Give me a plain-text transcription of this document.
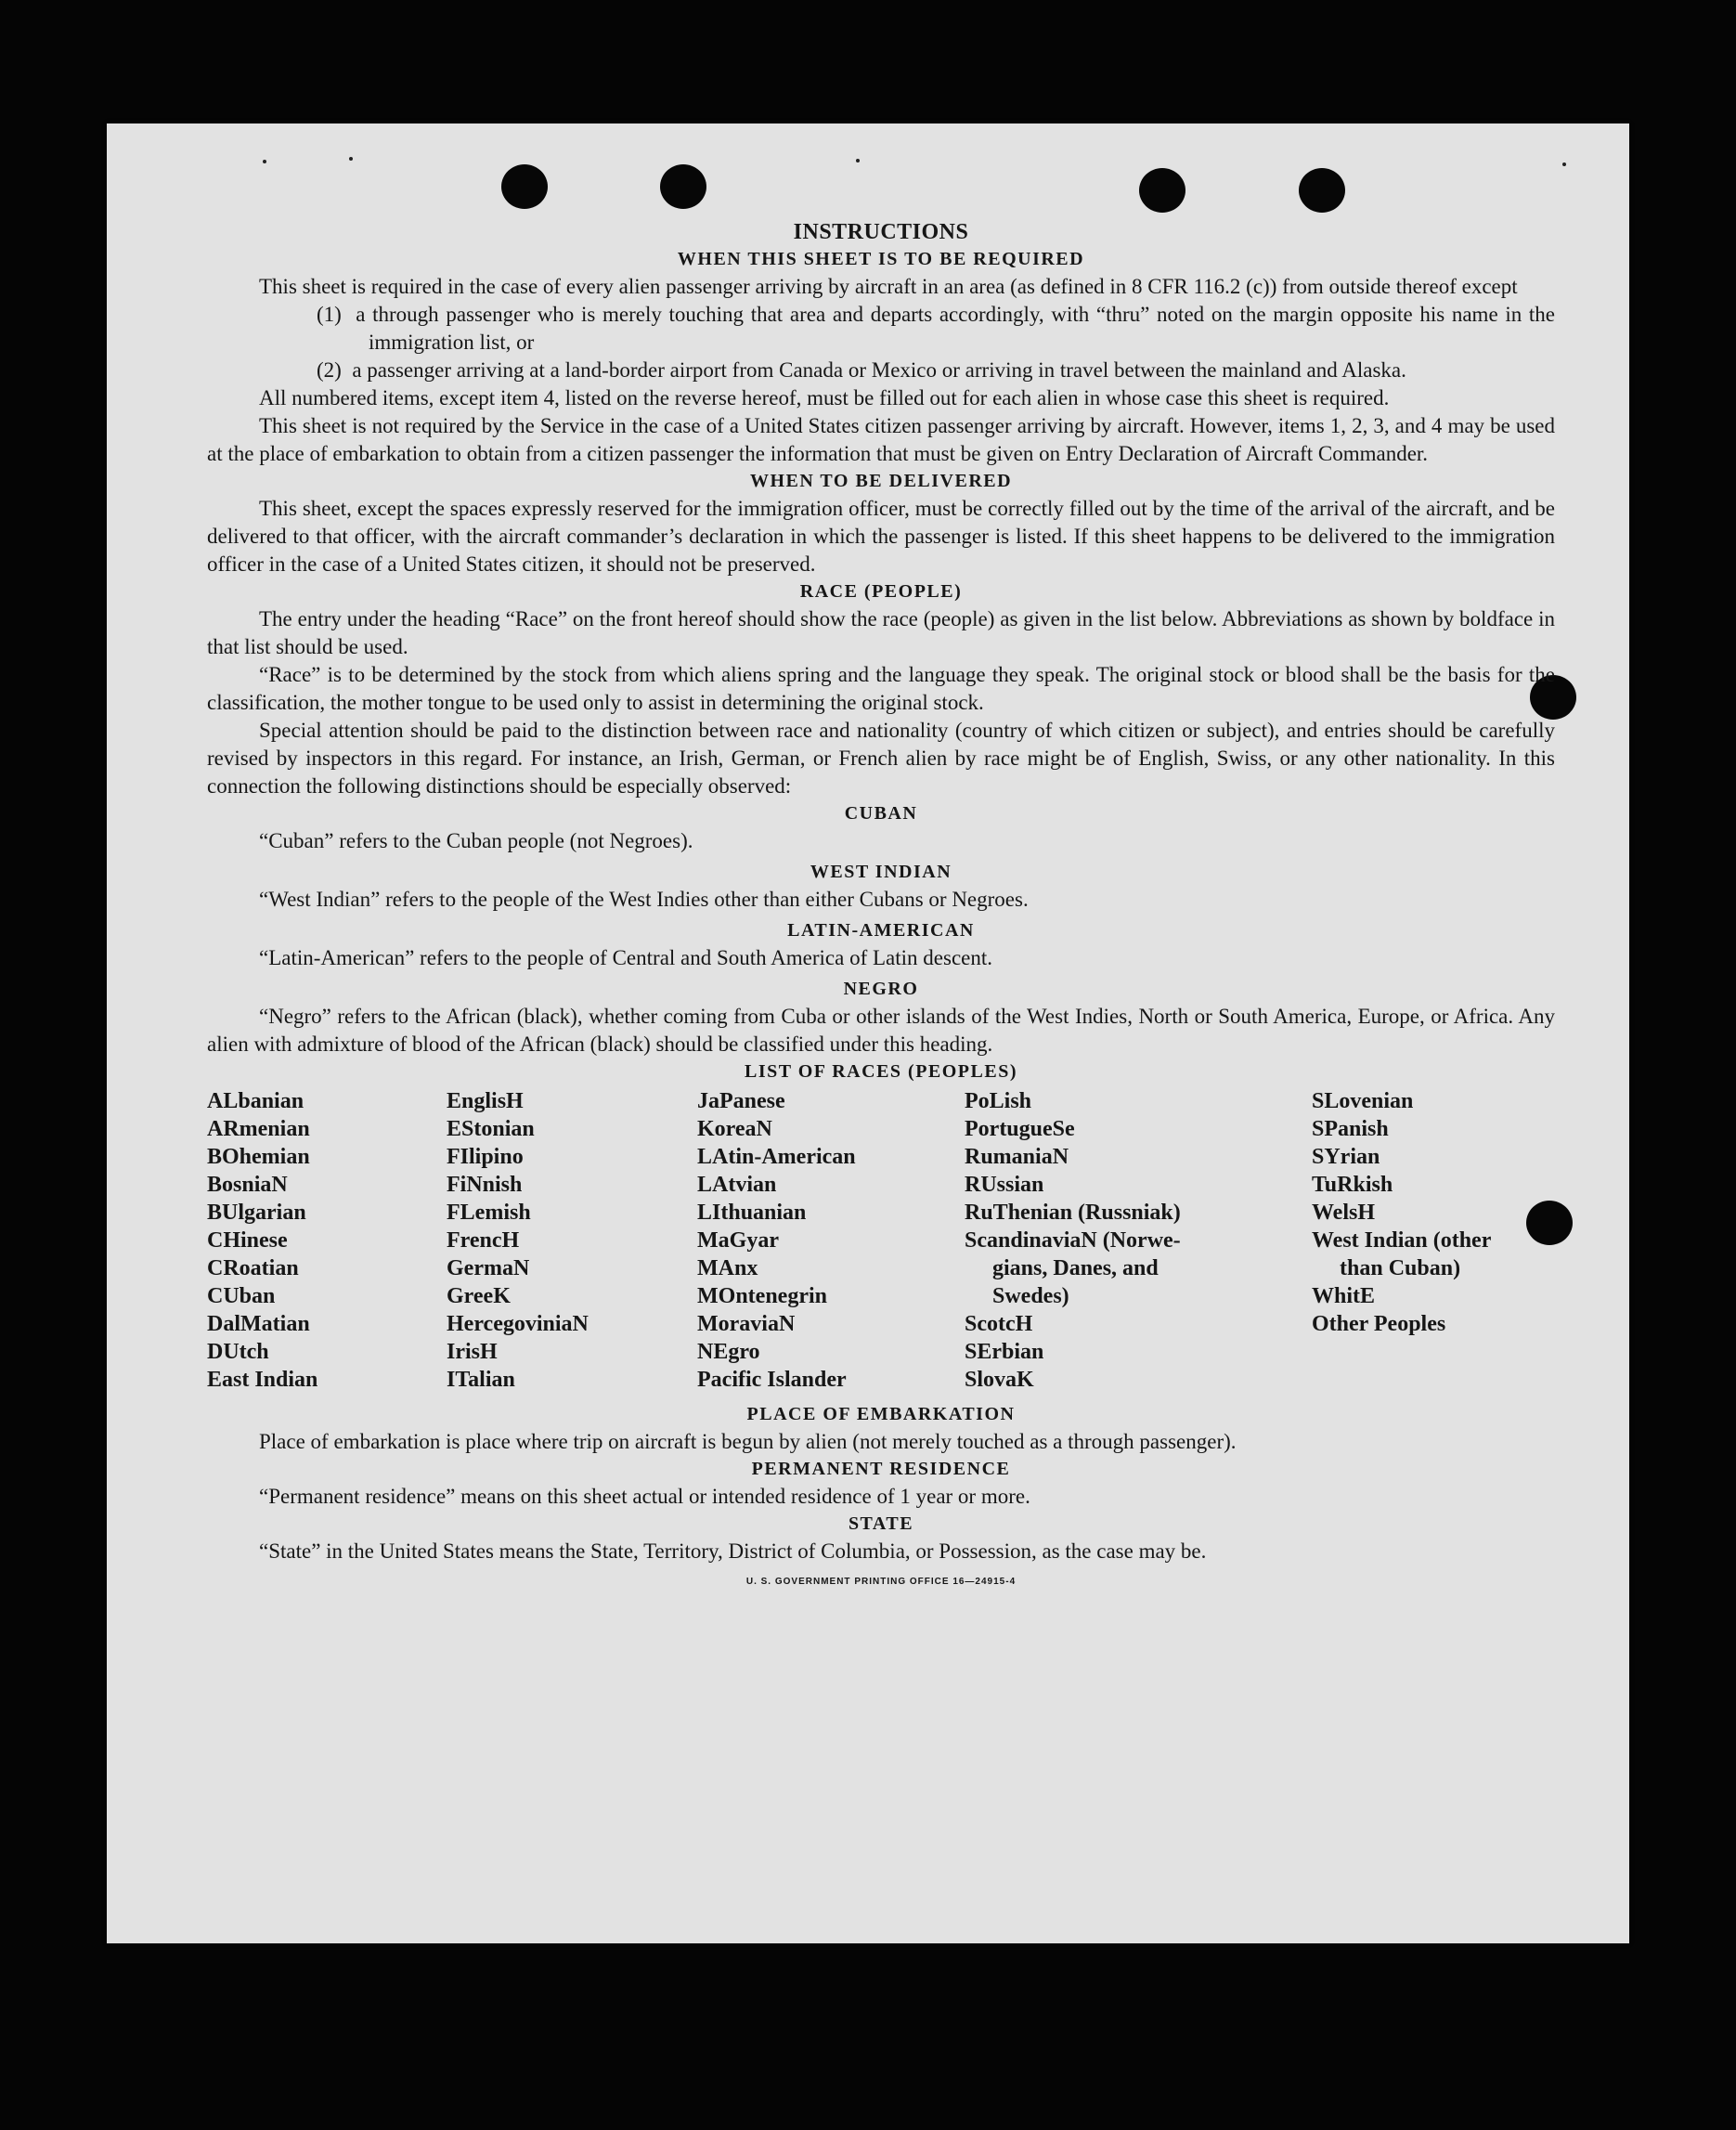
INSTRUCTIONS

WHEN THIS SHEET IS TO BE REQUIRED

This sheet is required in the case of every alien passenger arriving by aircraft in an area (as defined in 8 CFR 116.2 (c)) from outside thereof except

(1) a through passenger who is merely touching that area and departs accordingly, with “thru” noted on the margin opposite his name in the immigration list, or

(2) a passenger arriving at a land-border airport from Canada or Mexico or arriving in travel between the mainland and Alaska.

All numbered items, except item 4, listed on the reverse hereof, must be filled out for each alien in whose case this sheet is required.

This sheet is not required by the Service in the case of a United States citizen passenger arriving by aircraft. However, items 1, 2, 3, and 4 may be used at the place of embarkation to obtain from a citizen passenger the information that must be given on Entry Declaration of Aircraft Commander.

WHEN TO BE DELIVERED

This sheet, except the spaces expressly reserved for the immigration officer, must be correctly filled out by the time of the arrival of the aircraft, and be delivered to that officer, with the aircraft commander’s declaration in which the passenger is listed. If this sheet happens to be delivered to the immigration officer in the case of a United States citizen, it should not be preserved.

RACE (PEOPLE)

The entry under the heading “Race” on the front hereof should show the race (people) as given in the list below. Abbreviations as shown by boldface in that list should be used.

“Race” is to be determined by the stock from which aliens spring and the language they speak. The original stock or blood shall be the basis for the classification, the mother tongue to be used only to assist in determining the original stock.

Special attention should be paid to the distinction between race and nationality (country of which citizen or subject), and entries should be carefully revised by inspectors in this regard. For instance, an Irish, German, or French alien by race might be of English, Swiss, or any other nationality. In this connection the following distinctions should be especially observed:

CUBAN

“Cuban” refers to the Cuban people (not Negroes).

WEST INDIAN

“West Indian” refers to the people of the West Indies other than either Cubans or Negroes.

LATIN-AMERICAN

“Latin-American” refers to the people of Central and South America of Latin descent.

NEGRO

“Negro” refers to the African (black), whether coming from Cuba or other islands of the West Indies, North or South America, Europe, or Africa. Any alien with admixture of blood of the African (black) should be classified under this heading.

LIST OF RACES (PEOPLES)

ALbanian
ARmenian
BOhemian
BosniaN
BUlgarian
CHinese
CRoatian
CUban
DalMatian
DUtch
East Indian
EnglisH
EStonian
FIlipino
FiNnish
FLemish
FrencH
GermaN
GreeK
HercegoviniaN
IrisH
ITalian
JaPanese
KoreaN
LAtin-American
LAtvian
LIthuanian
MaGyar
MAnx
MOntenegrin
MoraviaN
NEgro
Pacific Islander
PoLish
PortugueSe
RumaniaN
RUssian
RuThenian (Russniak)
ScandinaviaN (Norwe-
gians, Danes, and
Swedes)
ScotcH
SErbian
SlovaK
SLovenian
SPanish
SYrian
TuRkish
WelsH
West Indian (other
than Cuban)
WhitE
Other Peoples

PLACE OF EMBARKATION

Place of embarkation is place where trip on aircraft is begun by alien (not merely touched as a through passenger).

PERMANENT RESIDENCE

“Permanent residence” means on this sheet actual or intended residence of 1 year or more.

STATE

“State” in the United States means the State, Territory, District of Columbia, or Possession, as the case may be.

U. S. GOVERNMENT PRINTING OFFICE 16—24915-4
